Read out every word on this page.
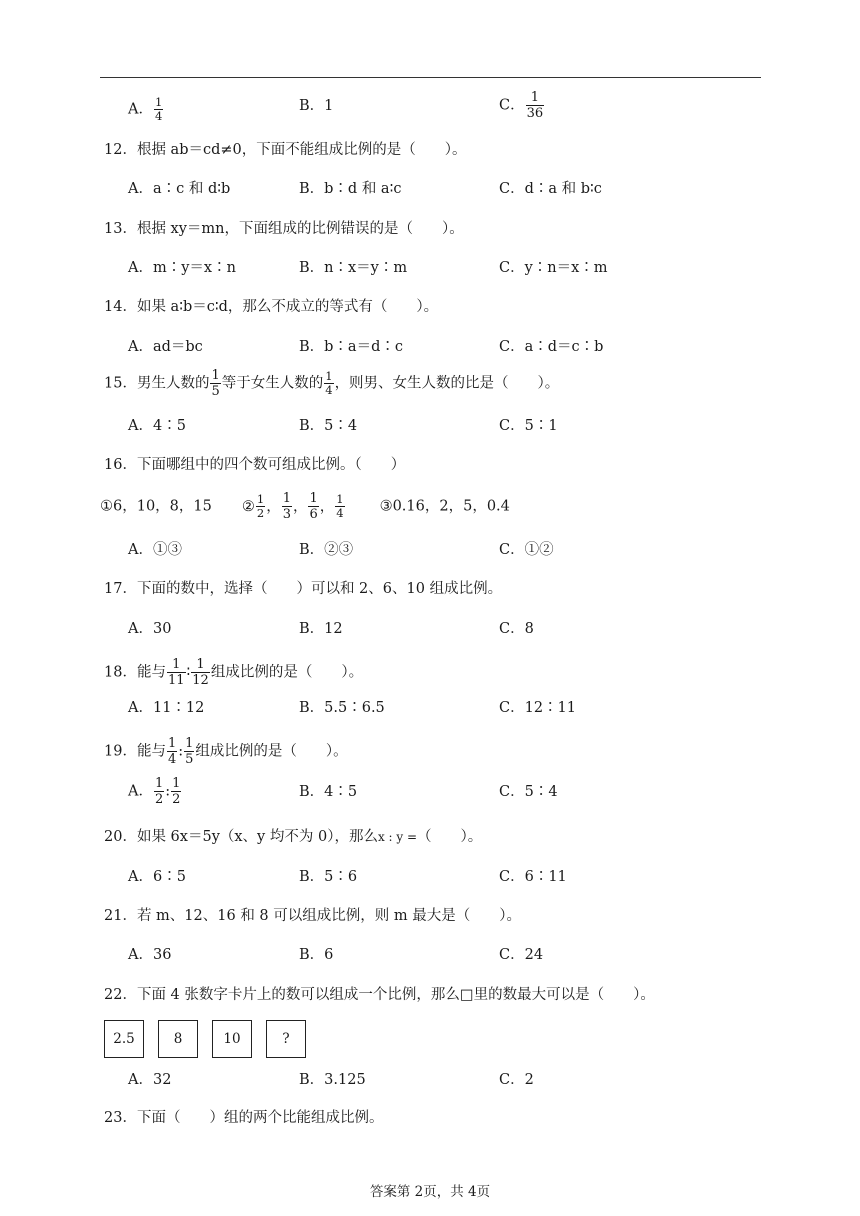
A． $\frac{1}{4}$	B．1	C． $\frac{1}{36}$
12．根据 ab＝cd≠0，下面不能组成比例的是（　　）。
A．a∶c 和 d∶b	B．b∶d 和 a∶c	C．d∶a 和 b∶c
13．根据 xy＝mn，下面组成的比例错误的是（　　）。
A．m∶y＝x∶n	B．n∶x＝y∶m	C．y∶n＝x∶m
14．如果 a∶b＝c∶d，那么不成立的等式有（　　）。
A．ad＝bc	B．b∶a＝d∶c	C．a∶d＝c∶b
15．男生人数的 $\frac{1}{5}$ 等于女生人数的 $\frac{1}{4}$ ，则男、女生人数的比是（　　）。
A．4∶5	B．5∶4	C．5∶1
16．下面哪组中的四个数可组成比例。（　　）
①6，10，8，15 ② $\frac{1}{2}$ ， $\frac{1}{3}$ ， $\frac{1}{6}$ ， $\frac{1}{4}$ ③0.16，2，5，0.4
A．①③	B．②③	C．①②
17．下面的数中，选择（　　）可以和 2、6、10 组成比例。
A．30	B．12	C．8
18．能与 $\frac{1}{11}$ ∶ $\frac{1}{12}$ 组成比例的是（　　）。
A．11∶12	B．5.5∶6.5	C．12∶11
19．能与 $\frac{1}{4}$ : $\frac{1}{5}$ 组成比例的是（　　）。
A． $\frac{1}{2}$ : $\frac{1}{2}$	B．4∶5	C．5∶4
20．如果 6x＝5y（x、y 均不为 0），那么x : y =（　　）。
A．6∶5	B．5∶6	C．6∶11
21．若 m、12、16 和 8 可以组成比例，则 m 最大是（　　）。
A．36	B．6	C．24
22．下面 4 张数字卡片上的数可以组成一个比例，那么□里的数最大可以是（　　）。
2.5	8	10	?
A．32	B．3.125	C．2
23．下面（　　）组的两个比能组成比例。
答案第 2页，共 4页
